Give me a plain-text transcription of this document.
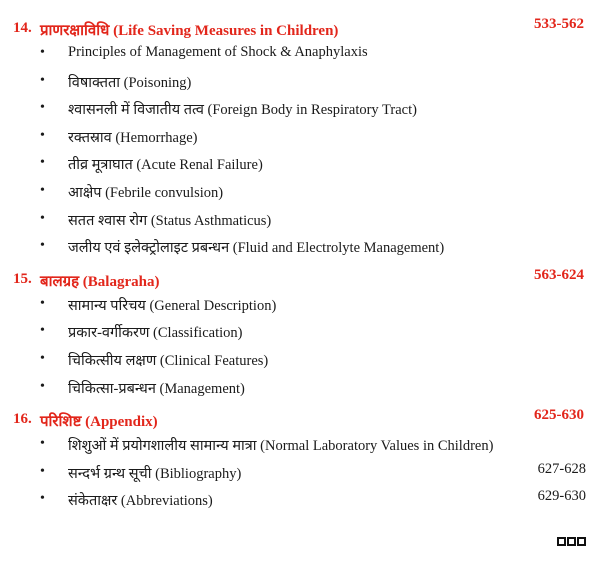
14. प्राणरक्षाविधि (Life Saving Measures in Children)	533-562
• Principles of Management of Shock & Anaphylaxis
• विषाक्तता (Poisoning)
• श्वासनली में विजातीय तत्व (Foreign Body in Respiratory Tract)
• रक्तस्राव (Hemorrhage)
• तीव्र मूत्राघात (Acute Renal Failure)
• आक्षेप (Febrile convulsion)
• सतत श्वास रोग (Status Asthmaticus)
• जलीय एवं इलेक्ट्रोलाइट प्रबन्धन (Fluid and Electrolyte Management)
15. बालग्रह (Balagraha)	563-624
• सामान्य परिचय (General Description)
• प्रकार-वर्गीकरण (Classification)
• चिकित्सीय लक्षण (Clinical Features)
• चिकित्सा-प्रबन्धन (Management)
16. परिशिष्ट (Appendix)	625-630
• शिशुओं में प्रयोगशालीय सामान्य मात्रा (Normal Laboratory Values in Children)
• सन्दर्भ ग्रन्थ सूची (Bibliography)	627-628
• संकेताक्षर (Abbreviations)	629-630
